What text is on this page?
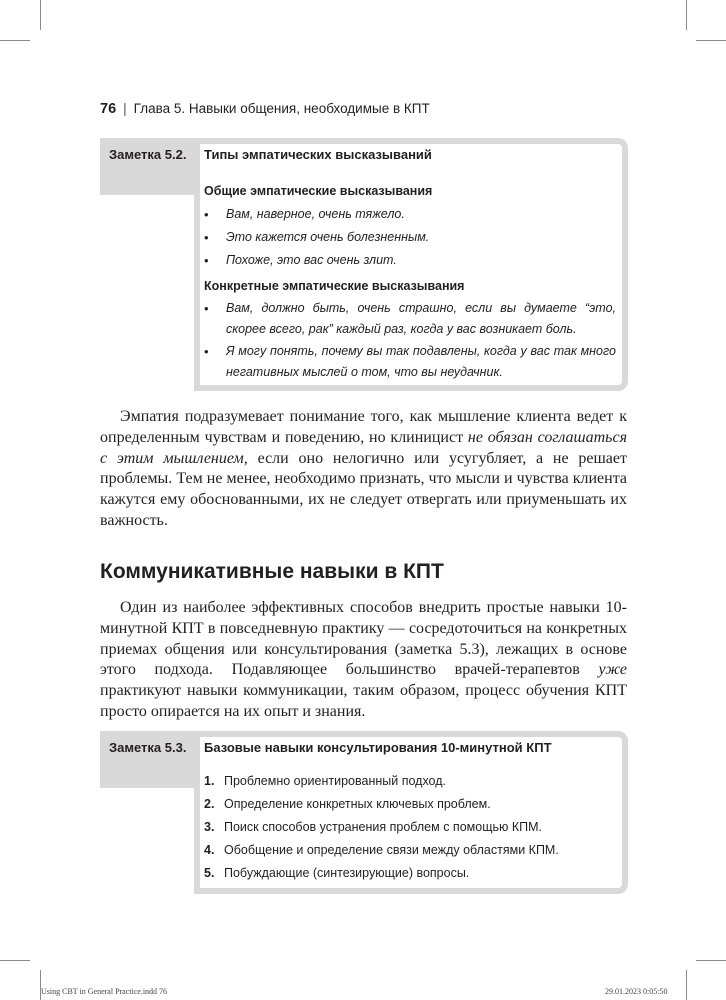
76 | Глава 5. Навыки общения, необходимые в КПТ
Заметка 5.2. Типы эмпатических высказываний
Общие эмпатические высказывания
•	Вам, наверное, очень тяжело.
•	Это кажется очень болезненным.
•	Похоже, это вас очень злит.
Конкретные эмпатические высказывания
•	Вам, должно быть, очень страшно, если вы думаете “это, скорее всего, рак” каждый раз, когда у вас возникает боль.
•	Я могу понять, почему вы так подавлены, когда у вас так много негативных мыслей о том, что вы неудачник.

Эмпатия подразумевает понимание того, как мышление клиента ведет к определенным чувствам и поведению, но клиницист не обязан соглашаться с этим мышлением, если оно нелогично или усугубляет, а не решает проблемы. Тем не менее, необходимо признать, что мысли и чувства клиента кажутся ему обоснованными, их не следует отвергать или приуменьшать их важность.

Коммуникативные навыки в КПТ

Один из наиболее эффективных способов внедрить простые навыки 10-минутной КПТ в повседневную практику — сосредоточиться на конкретных приемах общения или консультирования (заметка 5.3), лежащих в основе этого подхода. Подавляющее большинство врачей-терапевтов уже практикуют навыки коммуникации, таким образом, процесс обучения КПТ просто опирается на их опыт и знания.

Заметка 5.3. Базовые навыки консультирования 10-минутной КПТ
1. Проблемно ориентированный подход.
2. Определение конкретных ключевых проблем.
3. Поиск способов устранения проблем с помощью КПМ.
4. Обобщение и определение связи между областями КПМ.
5. Побуждающие (синтезирующие) вопросы.
Using CBT in General Practice.indd 76	29.01.2023 0:05:50
